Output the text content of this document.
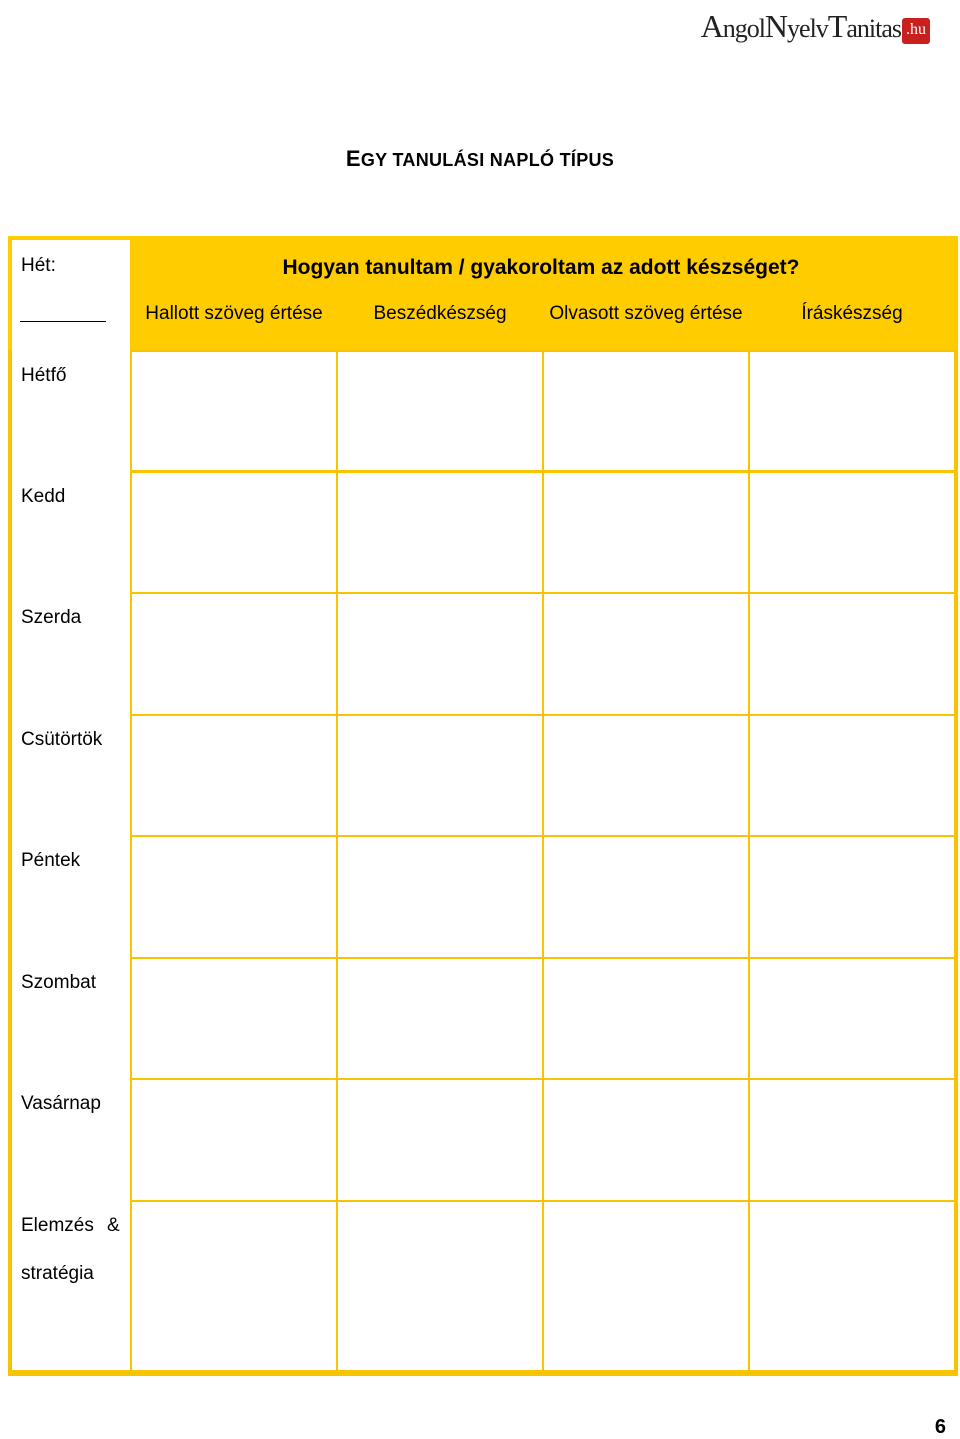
A ngol N yelv T anitas .hu
EGY TANULÁSI NAPLÓ TÍPUS
Hét:	Hogyan tanultam / gyakoroltam az adott készséget?
Hallott szöveg értése	Beszédkészség	Olvasott szöveg értése	Íráskészség
Hétfő
Kedd
Szerda
Csütörtök
Péntek
Szombat
Vasárnap
Elemzés &
stratégia
6
